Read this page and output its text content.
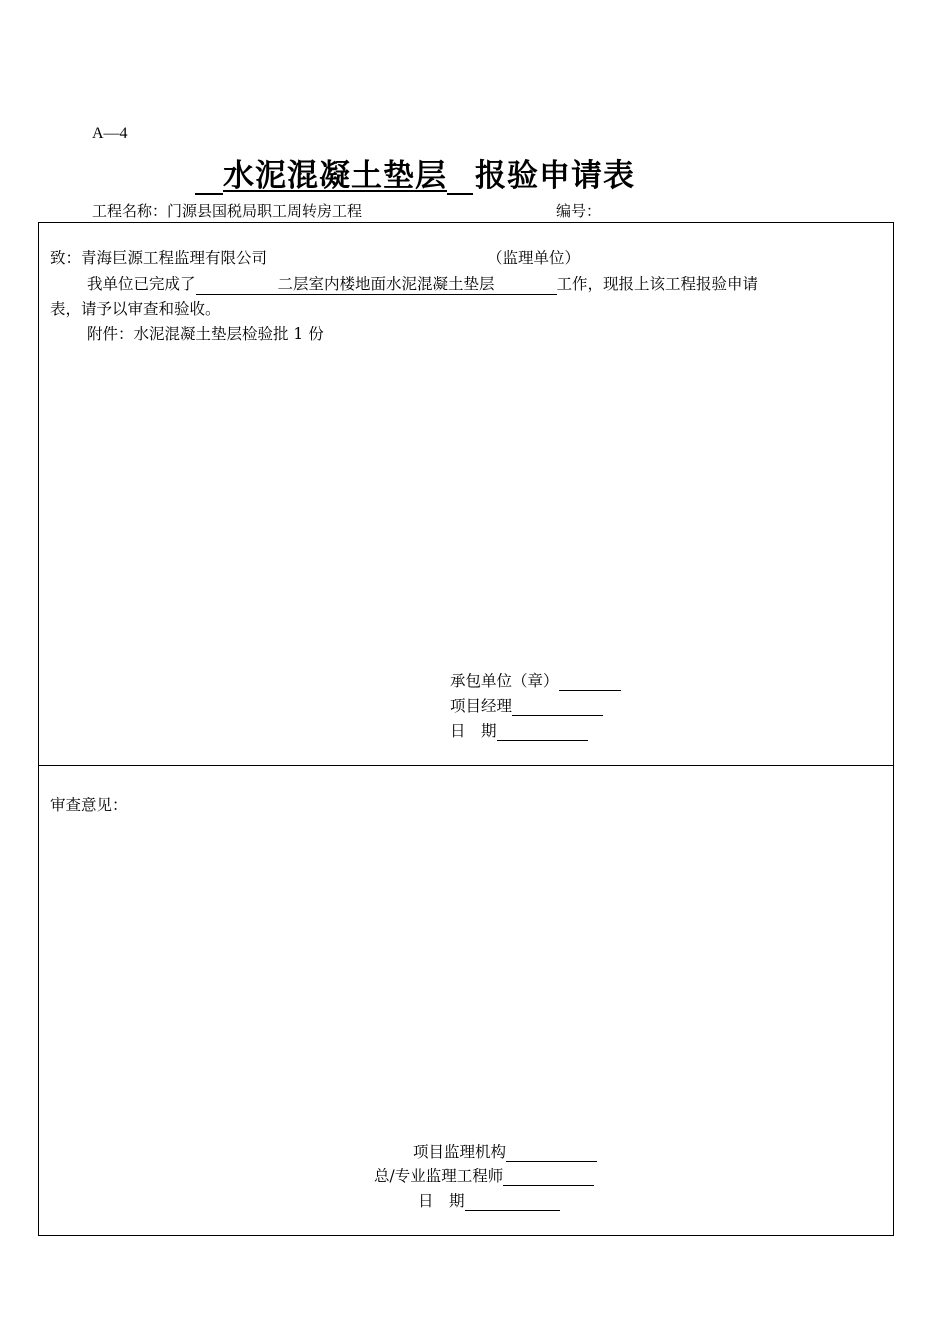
A—4
水泥混凝土垫层 报验申请表
工程名称：门源县国税局职工周转房工程	编号：
致：青海巨源工程监理有限公司	（监理单位）
我单位已完成了	二层室内楼地面水泥混凝土垫层	工作，现报上该工程报验申请
表，请予以审查和验收。
附件：水泥混凝土垫层检验批 1 份
承包单位（章）
项目经理
日　期
审查意见：
项目监理机构
总/专业监理工程师
日　期
